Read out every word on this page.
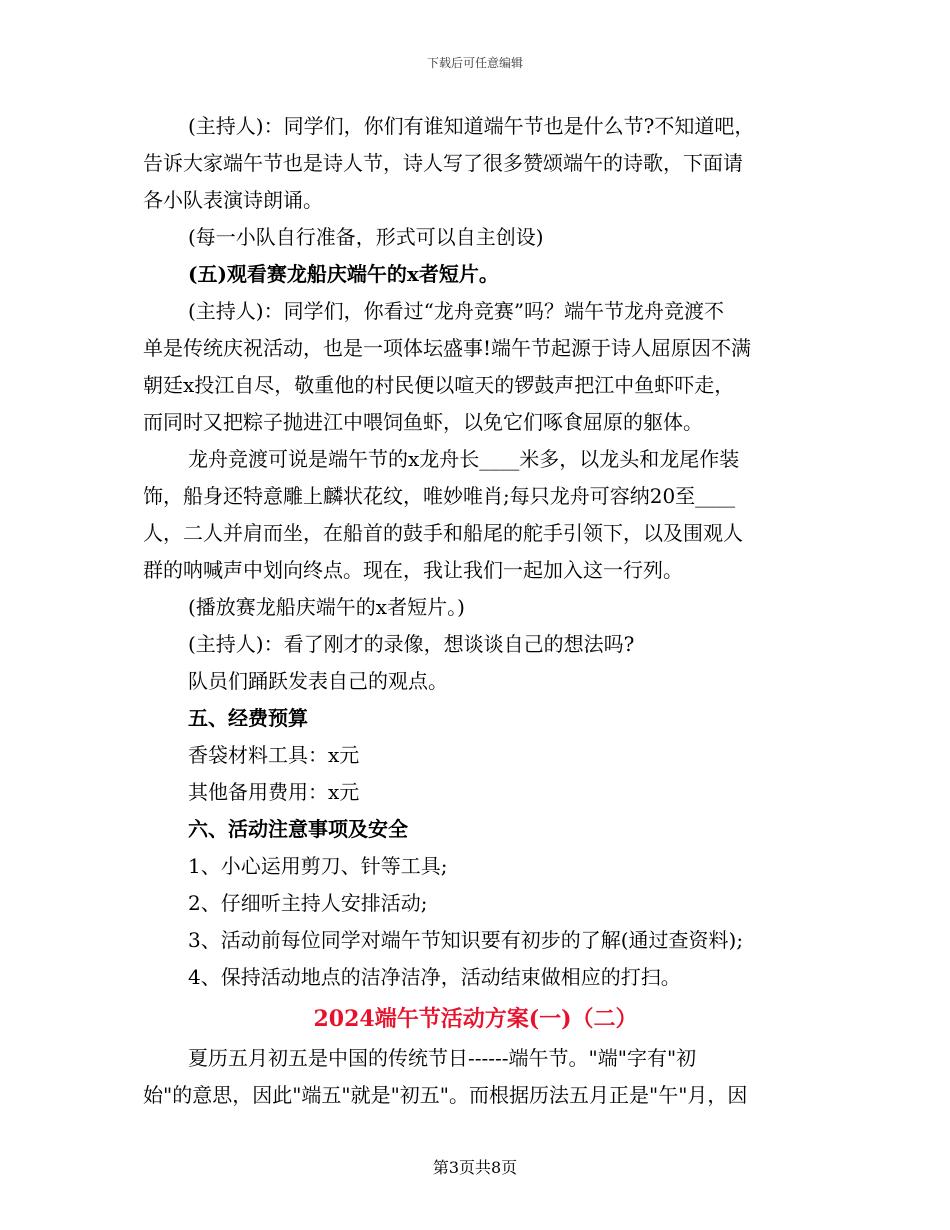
下载后可任意编辑
(主持人)：同学们，你们有谁知道端午节也是什么节?不知道吧，
告诉大家端午节也是诗人节，诗人写了很多赞颂端午的诗歌，下面请
各小队表演诗朗诵。
(每一小队自行准备，形式可以自主创设)
(五)观看赛龙船庆端午的x者短片。
(主持人)：同学们，你看过“龙舟竞赛”吗？端午节龙舟竞渡不
单是传统庆祝活动，也是一项体坛盛事!端午节起源于诗人屈原因不满
朝廷x投江自尽，敬重他的村民便以喧天的锣鼓声把江中鱼虾吓走，
而同时又把粽子抛进江中喂饲鱼虾，以免它们啄食屈原的躯体。
龙舟竞渡可说是端午节的x龙舟长____米多，以龙头和龙尾作装
饰，船身还特意雕上麟状花纹，唯妙唯肖;每只龙舟可容纳20至____
人，二人并肩而坐，在船首的鼓手和船尾的舵手引领下，以及围观人
群的呐喊声中划向终点。现在，我让我们一起加入这一行列。
(播放赛龙船庆端午的x者短片。)
(主持人)：看了刚才的录像，想谈谈自己的想法吗?
队员们踊跃发表自己的观点。
五、经费预算
香袋材料工具：x元
其他备用费用：x元
六、活动注意事项及安全
1、小心运用剪刀、针等工具;
2、仔细听主持人安排活动;
3、活动前每位同学对端午节知识要有初步的了解(通过查资料);
4、保持活动地点的洁净洁净，活动结束做相应的打扫。
2024端午节活动方案(一)（二）
夏历五月初五是中国的传统节日------端午节。"端"字有"初
始"的意思，因此"端五"就是"初五"。而根据历法五月正是"午"月，因
第3页共8页
